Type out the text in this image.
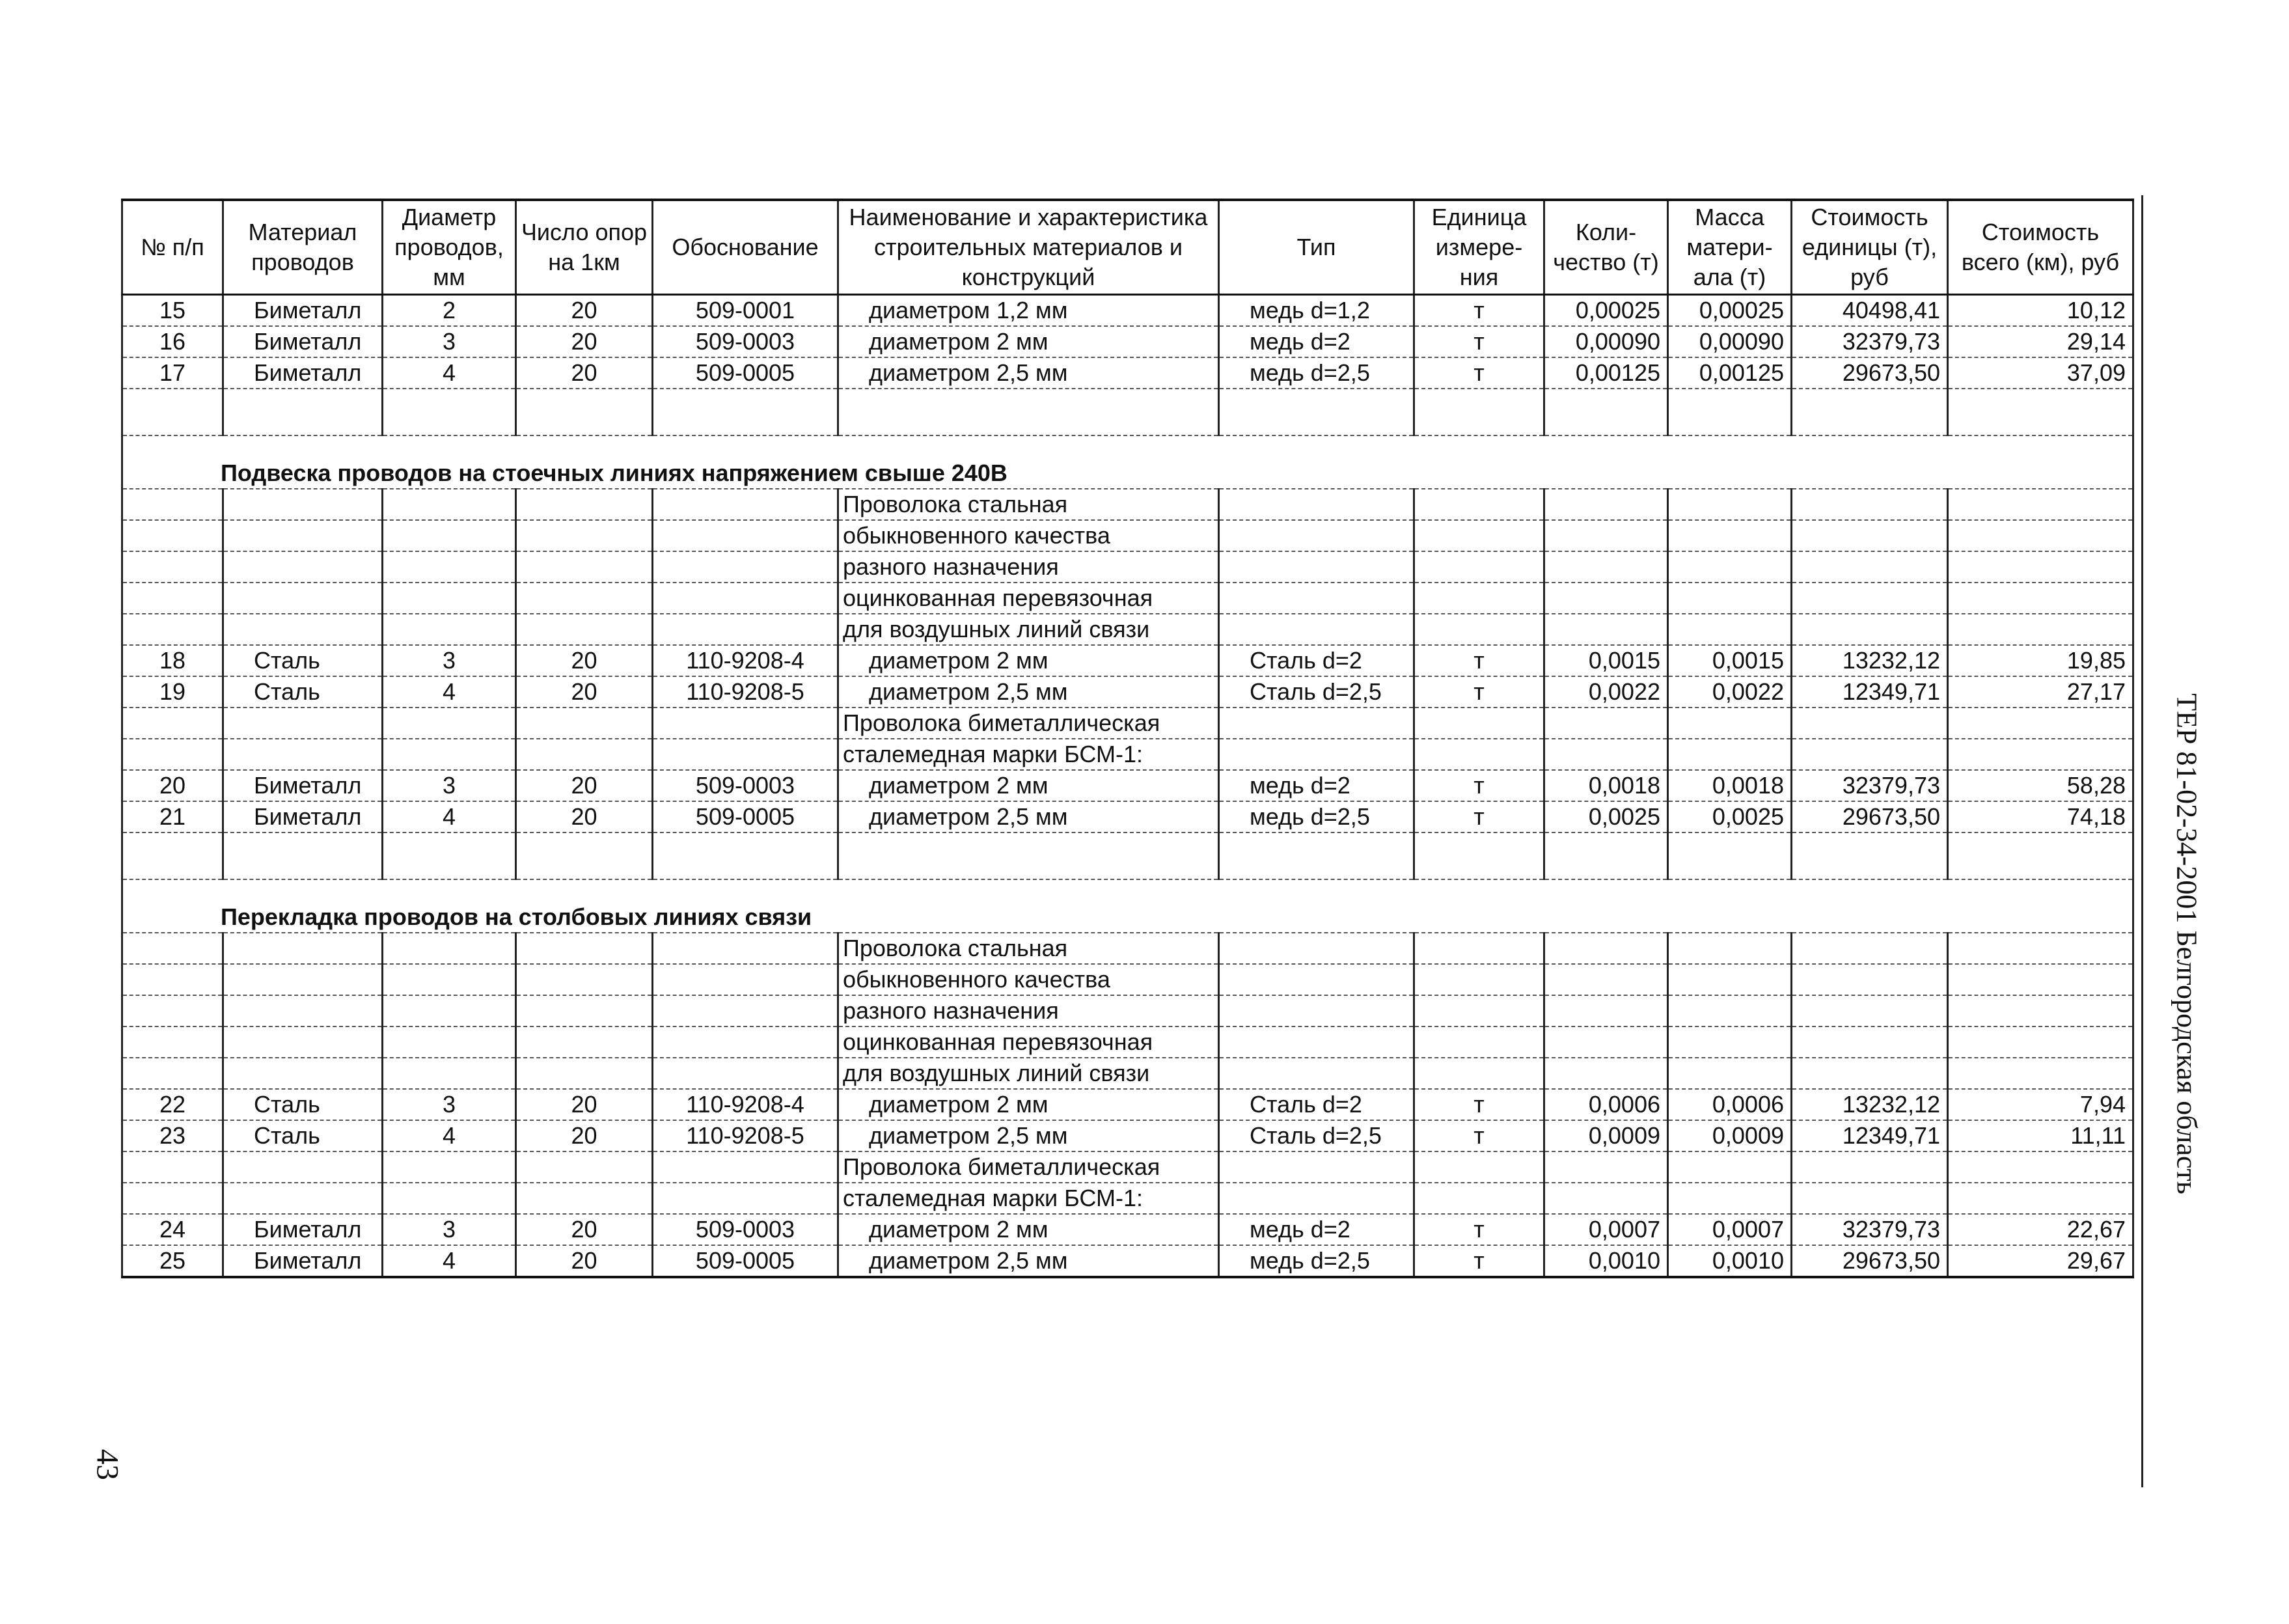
№ п/п	Материал проводов	Диаметр проводов, мм	Число опор на 1км	Обоснование	Наименование и характеристика строительных материалов и конструкций	Тип	Единица измере-ния	Коли-чество (т)	Масса матери-ала (т)	Стоимость единицы (т), руб	Стоимость всего (км), руб
15	Биметалл	2	20	509-0001	диаметром 1,2 мм	медь d=1,2	т	0,00025	0,00025	40498,41	10,12
16	Биметалл	3	20	509-0003	диаметром 2 мм	медь d=2	т	0,00090	0,00090	32379,73	29,14
17	Биметалл	4	20	509-0005	диаметром 2,5 мм	медь d=2,5	т	0,00125	0,00125	29673,50	37,09

Подвеска проводов на стоечных линиях напряжением свыше 240В											
					Проволока стальная						
					обыкновенного качества						
					разного назначения						
					оцинкованная перевязочная						
					для воздушных линий связи						
18	Сталь	3	20	110-9208-4	диаметром 2 мм	Сталь d=2	т	0,0015	0,0015	13232,12	19,85
19	Сталь	4	20	110-9208-5	диаметром 2,5 мм	Сталь d=2,5	т	0,0022	0,0022	12349,71	27,17
					Проволока биметаллическая						
					сталемедная марки БСМ-1:						
20	Биметалл	3	20	509-0003	диаметром 2 мм	медь d=2	т	0,0018	0,0018	32379,73	58,28
21	Биметалл	4	20	509-0005	диаметром 2,5 мм	медь d=2,5	т	0,0025	0,0025	29673,50	74,18

Перекладка проводов на столбовых линиях связи											
					Проволока стальная						
					обыкновенного качества						
					разного назначения						
					оцинкованная перевязочная						
					для воздушных линий связи						
22	Сталь	3	20	110-9208-4	диаметром 2 мм	Сталь d=2	т	0,0006	0,0006	13232,12	7,94
23	Сталь	4	20	110-9208-5	диаметром 2,5 мм	Сталь d=2,5	т	0,0009	0,0009	12349,71	11,11
					Проволока биметаллическая						
					сталемедная марки БСМ-1:						
24	Биметалл	3	20	509-0003	диаметром 2 мм	медь d=2	т	0,0007	0,0007	32379,73	22,67
25	Биметалл	4	20	509-0005	диаметром 2,5 мм	медь d=2,5	т	0,0010	0,0010	29673,50	29,67
ТЕР 81-02-34-2001 Белгородская область
43
